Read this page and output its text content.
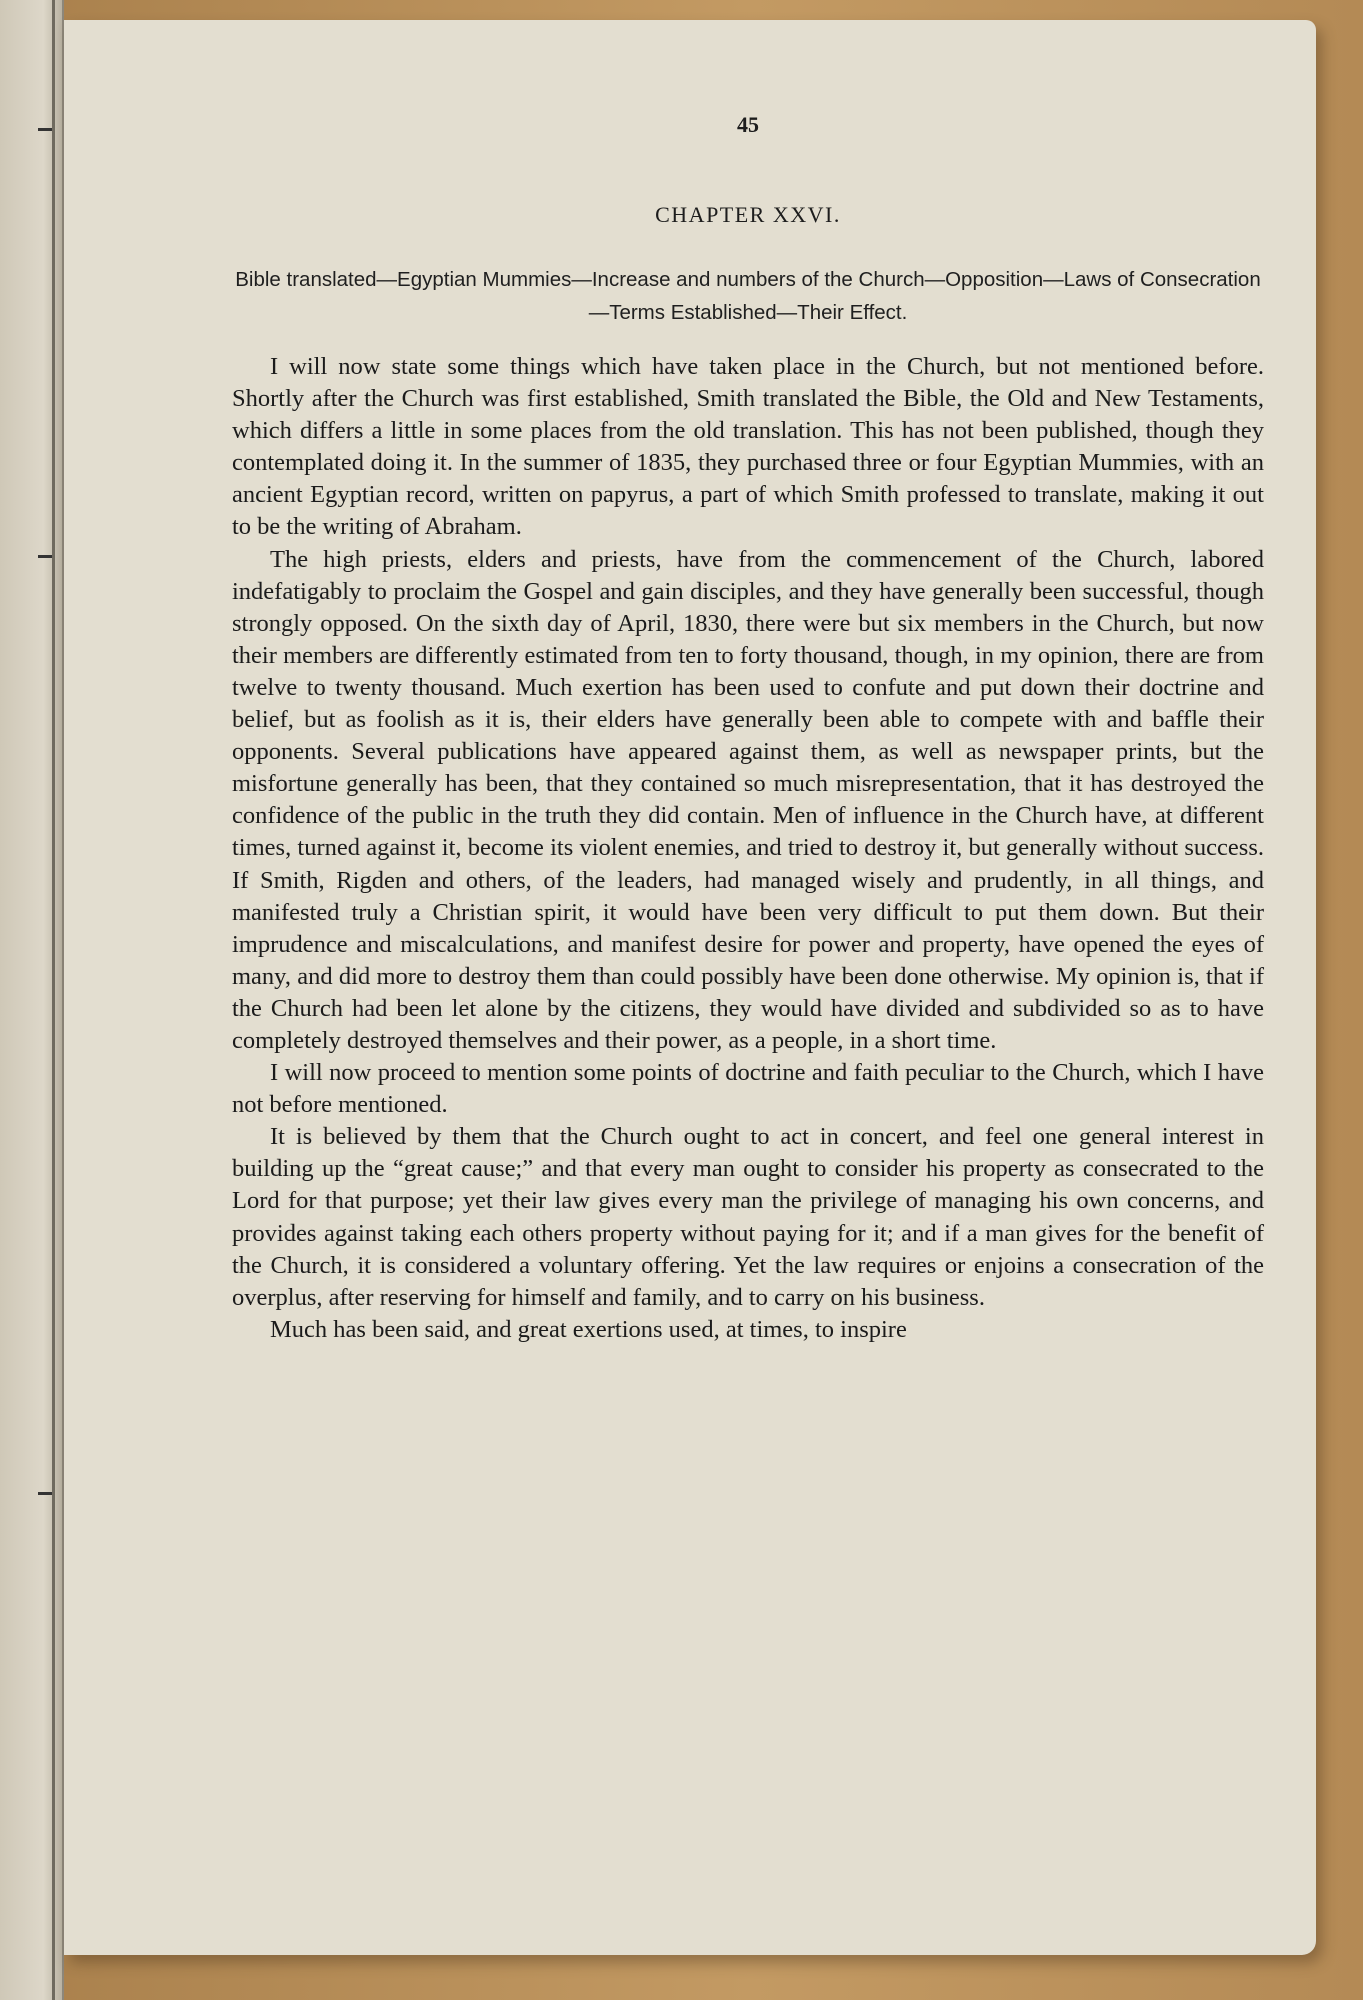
45
CHAPTER XXVI.
Bible translated—Egyptian Mummies—Increase and numbers of the Church—Opposition—Laws of Consecration—Terms Established—Their Effect.

I will now state some things which have taken place in the Church, but not mentioned before. Shortly after the Church was first established, Smith translated the Bible, the Old and New Testaments, which differs a little in some places from the old translation. This has not been published, though they contemplated doing it. In the summer of 1835, they purchased three or four Egyptian Mummies, with an ancient Egyptian record, written on papyrus, a part of which Smith professed to translate, making it out to be the writing of Abraham.

The high priests, elders and priests, have from the commencement of the Church, labored indefatigably to proclaim the Gospel and gain disciples, and they have generally been successful, though strongly opposed. On the sixth day of April, 1830, there were but six members in the Church, but now their members are differently estimated from ten to forty thousand, though, in my opinion, there are from twelve to twenty thousand. Much exertion has been used to confute and put down their doctrine and belief, but as foolish as it is, their elders have generally been able to compete with and baffle their opponents. Several publications have appeared against them, as well as newspaper prints, but the misfortune generally has been, that they contained so much misrepresentation, that it has destroyed the confidence of the public in the truth they did contain. Men of influence in the Church have, at different times, turned against it, become its violent enemies, and tried to destroy it, but generally without success. If Smith, Rigden and others, of the leaders, had managed wisely and prudently, in all things, and manifested truly a Christian spirit, it would have been very difficult to put them down. But their imprudence and miscalculations, and manifest desire for power and property, have opened the eyes of many, and did more to destroy them than could possibly have been done otherwise. My opinion is, that if the Church had been let alone by the citizens, they would have divided and subdivided so as to have completely destroyed themselves and their power, as a people, in a short time.

I will now proceed to mention some points of doctrine and faith peculiar to the Church, which I have not before mentioned.

It is believed by them that the Church ought to act in concert, and feel one general interest in building up the “great cause;” and that every man ought to consider his property as consecrated to the Lord for that purpose; yet their law gives every man the privilege of managing his own concerns, and provides against taking each others property without paying for it; and if a man gives for the benefit of the Church, it is considered a voluntary offering. Yet the law requires or enjoins a consecration of the overplus, after reserving for himself and family, and to carry on his business.

Much has been said, and great exertions used, at times, to inspire
